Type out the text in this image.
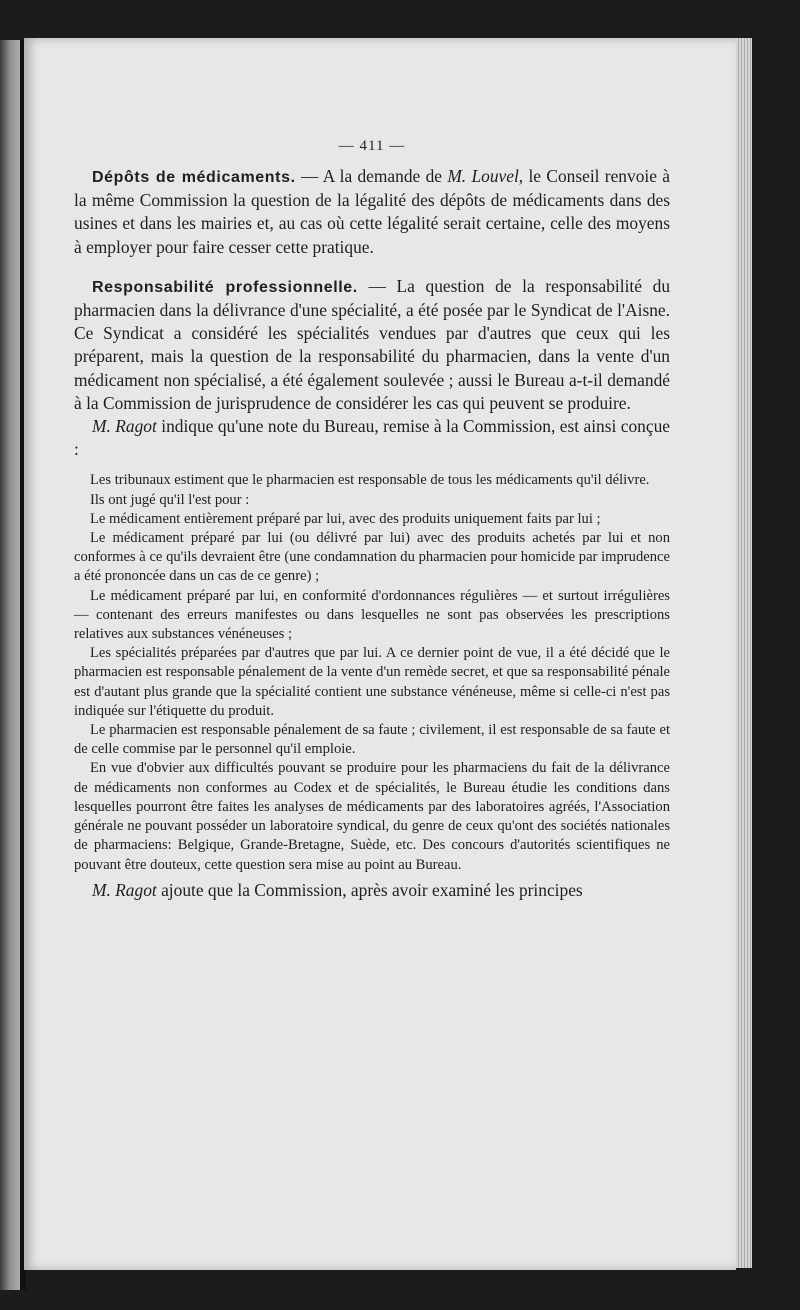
— 411 —

Dépôts de médicaments. — A la demande de M. Louvel, le Conseil renvoie à la même Commission la question de la légalité des dépôts de médicaments dans des usines et dans les mairies et, au cas où cette légalité serait certaine, celle des moyens à employer pour faire cesser cette pratique.

Responsabilité professionnelle. — La question de la responsabilité du pharmacien dans la délivrance d'une spécialité, a été posée par le Syndicat de l'Aisne. Ce Syndicat a considéré les spécialités vendues par d'autres que ceux qui les préparent, mais la question de la responsabilité du pharmacien, dans la vente d'un médicament non spécialisé, a été également soulevée ; aussi le Bureau a-t-il demandé à la Commission de jurisprudence de considérer les cas qui peuvent se produire.

M. Ragot indique qu'une note du Bureau, remise à la Commission, est ainsi conçue :

Les tribunaux estiment que le pharmacien est responsable de tous les médicaments qu'il délivre.

Ils ont jugé qu'il l'est pour :

Le médicament entièrement préparé par lui, avec des produits uniquement faits par lui ;

Le médicament préparé par lui (ou délivré par lui) avec des produits achetés par lui et non conformes à ce qu'ils devraient être (une condamnation du pharmacien pour homicide par imprudence a été prononcée dans un cas de ce genre) ;

Le médicament préparé par lui, en conformité d'ordonnances régulières — et surtout irrégulières — contenant des erreurs manifestes ou dans lesquelles ne sont pas observées les prescriptions relatives aux substances vénéneuses ;

Les spécialités préparées par d'autres que par lui. A ce dernier point de vue, il a été décidé que le pharmacien est responsable pénalement de la vente d'un remède secret, et que sa responsabilité pénale est d'autant plus grande que la spécialité contient une substance vénéneuse, même si celle-ci n'est pas indiquée sur l'étiquette du produit.

Le pharmacien est responsable pénalement de sa faute ; civilement, il est responsable de sa faute et de celle commise par le personnel qu'il emploie.

En vue d'obvier aux difficultés pouvant se produire pour les pharmaciens du fait de la délivrance de médicaments non conformes au Codex et de spécialités, le Bureau étudie les conditions dans lesquelles pourront être faites les analyses de médicaments par des laboratoires agréés, l'Association générale ne pouvant posséder un laboratoire syndical, du genre de ceux qu'ont des sociétés nationales de pharmaciens: Belgique, Grande-Bretagne, Suède, etc. Des concours d'autorités scientifiques ne pouvant être douteux, cette question sera mise au point au Bureau.

M. Ragot ajoute que la Commission, après avoir examiné les principes
